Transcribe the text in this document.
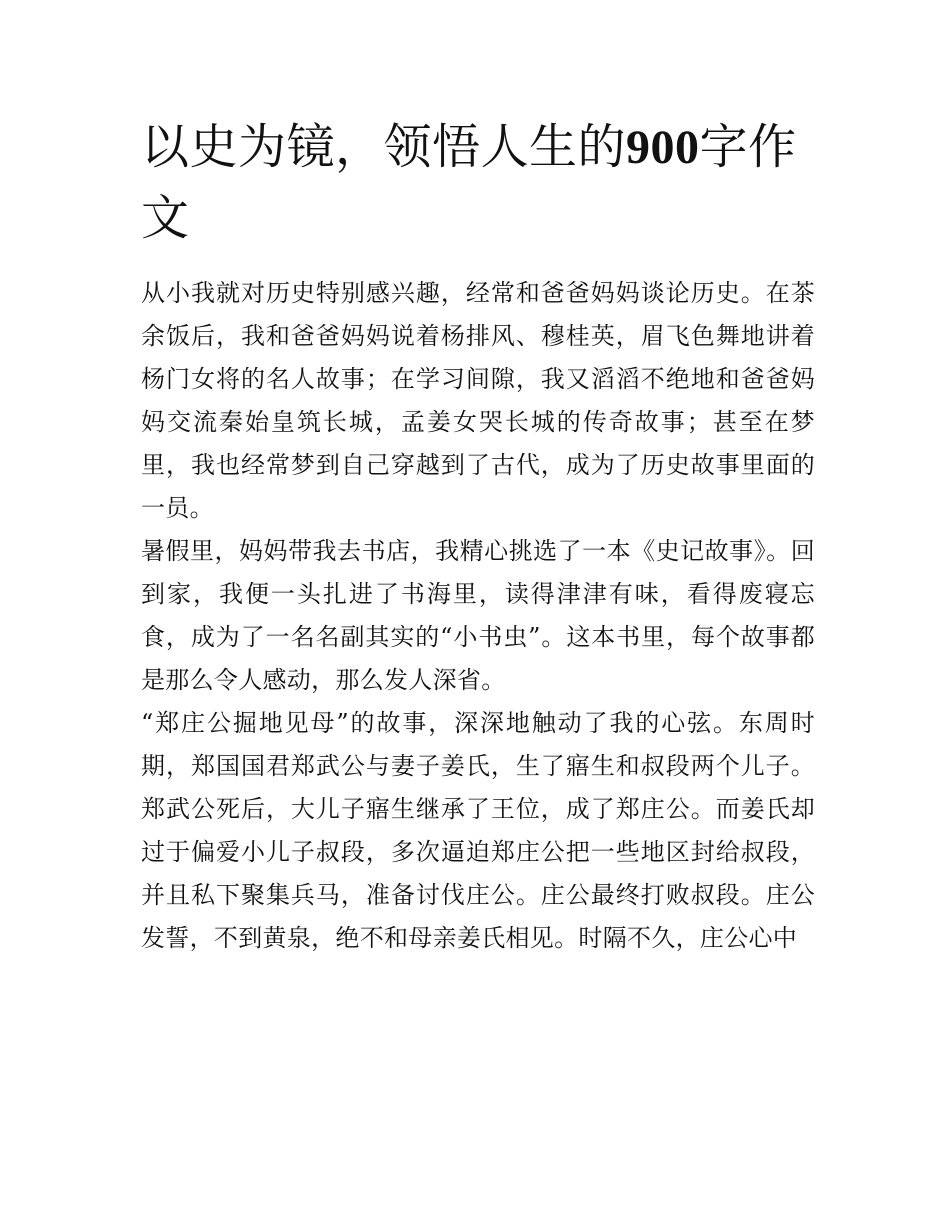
以史为镜，领悟人生的900字作文

从小我就对历史特别感兴趣，经常和爸爸妈妈谈论历史。在茶余饭后，我和爸爸妈妈说着杨排风、穆桂英，眉飞色舞地讲着杨门女将的名人故事；在学习间隙，我又滔滔不绝地和爸爸妈妈交流秦始皇筑长城，孟姜女哭长城的传奇故事；甚至在梦里，我也经常梦到自己穿越到了古代，成为了历史故事里面的一员。

暑假里，妈妈带我去书店，我精心挑选了一本《史记故事》。回到家，我便一头扎进了书海里，读得津津有味，看得废寝忘食，成为了一名名副其实的“小书虫”。这本书里，每个故事都是那么令人感动，那么发人深省。

“郑庄公掘地见母”的故事，深深地触动了我的心弦。东周时期，郑国国君郑武公与妻子姜氏，生了寤生和叔段两个儿子。郑武公死后，大儿子寤生继承了王位，成了郑庄公。而姜氏却过于偏爱小儿子叔段，多次逼迫郑庄公把一些地区封给叔段，并且私下聚集兵马，准备讨伐庄公。庄公最终打败叔段。庄公发誓，不到黄泉，绝不和母亲姜氏相见。时隔不久，庄公心中
